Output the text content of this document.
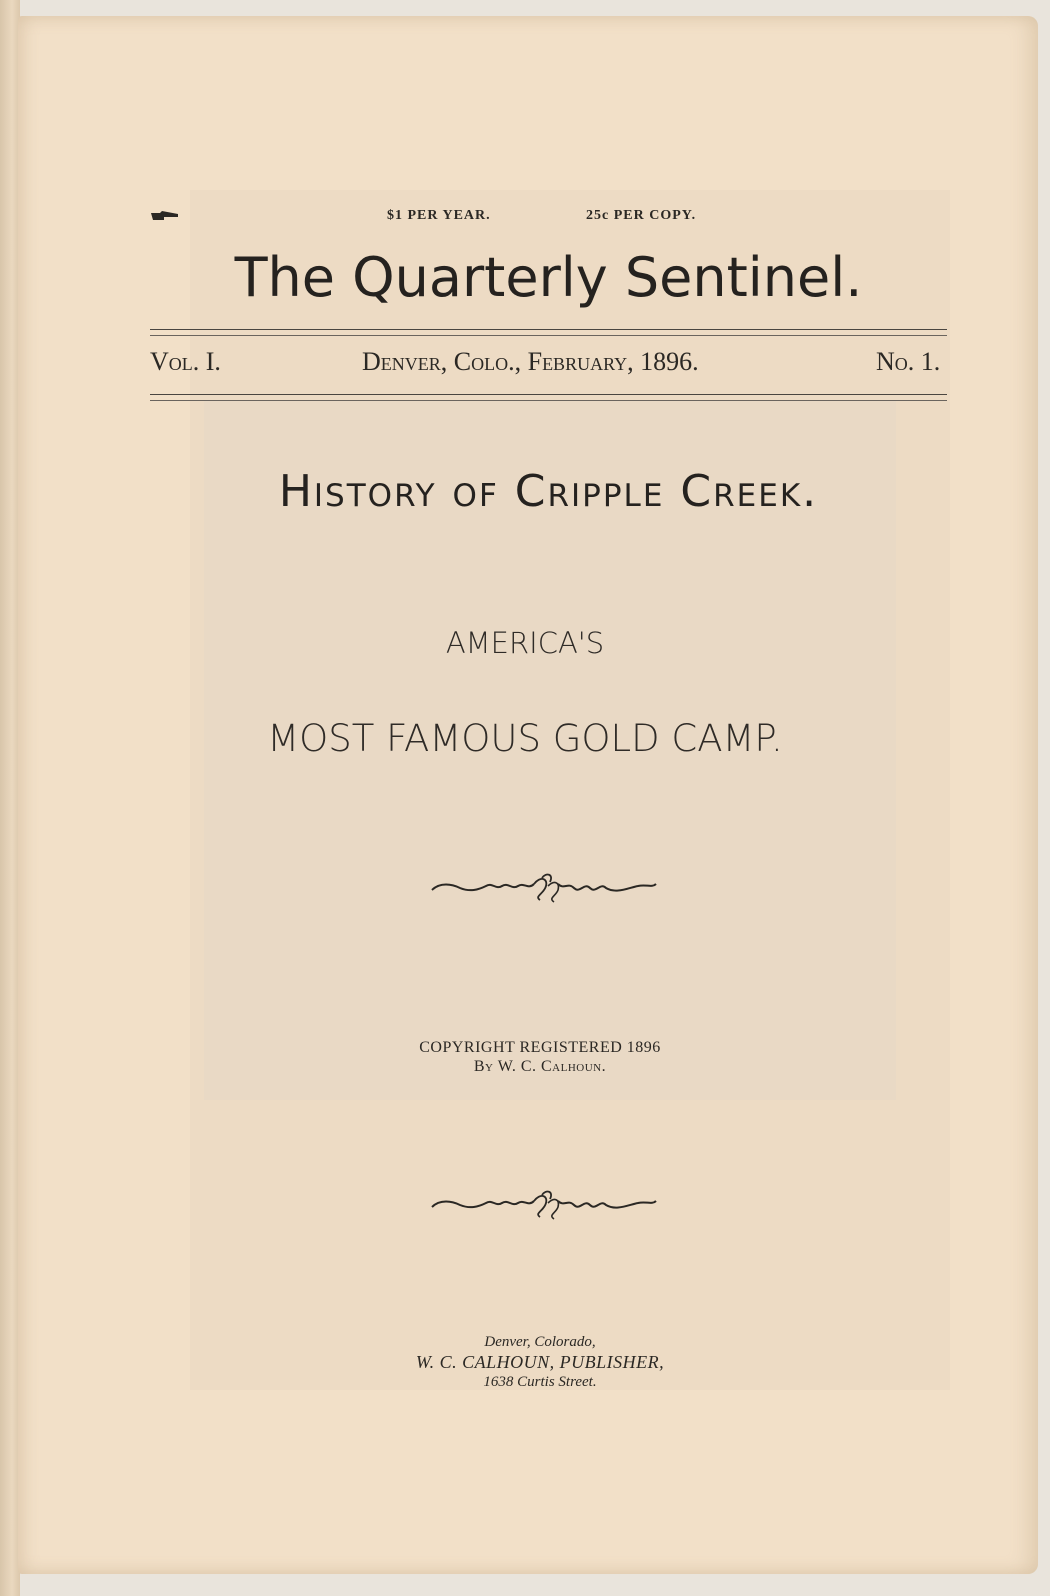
$1 PER YEAR.	25c PER COPY.
The Quarterly Sentinel.
Vol. I.	Denver, Colo., February, 1896.	No. 1.
History of Cripple Creek.
AMERICA'S
MOST FAMOUS GOLD CAMP.
COPYRIGHT REGISTERED 1896
By W. C. Calhoun.
Denver, Colorado,
W. C. CALHOUN, PUBLISHER,
1638 Curtis Street.
